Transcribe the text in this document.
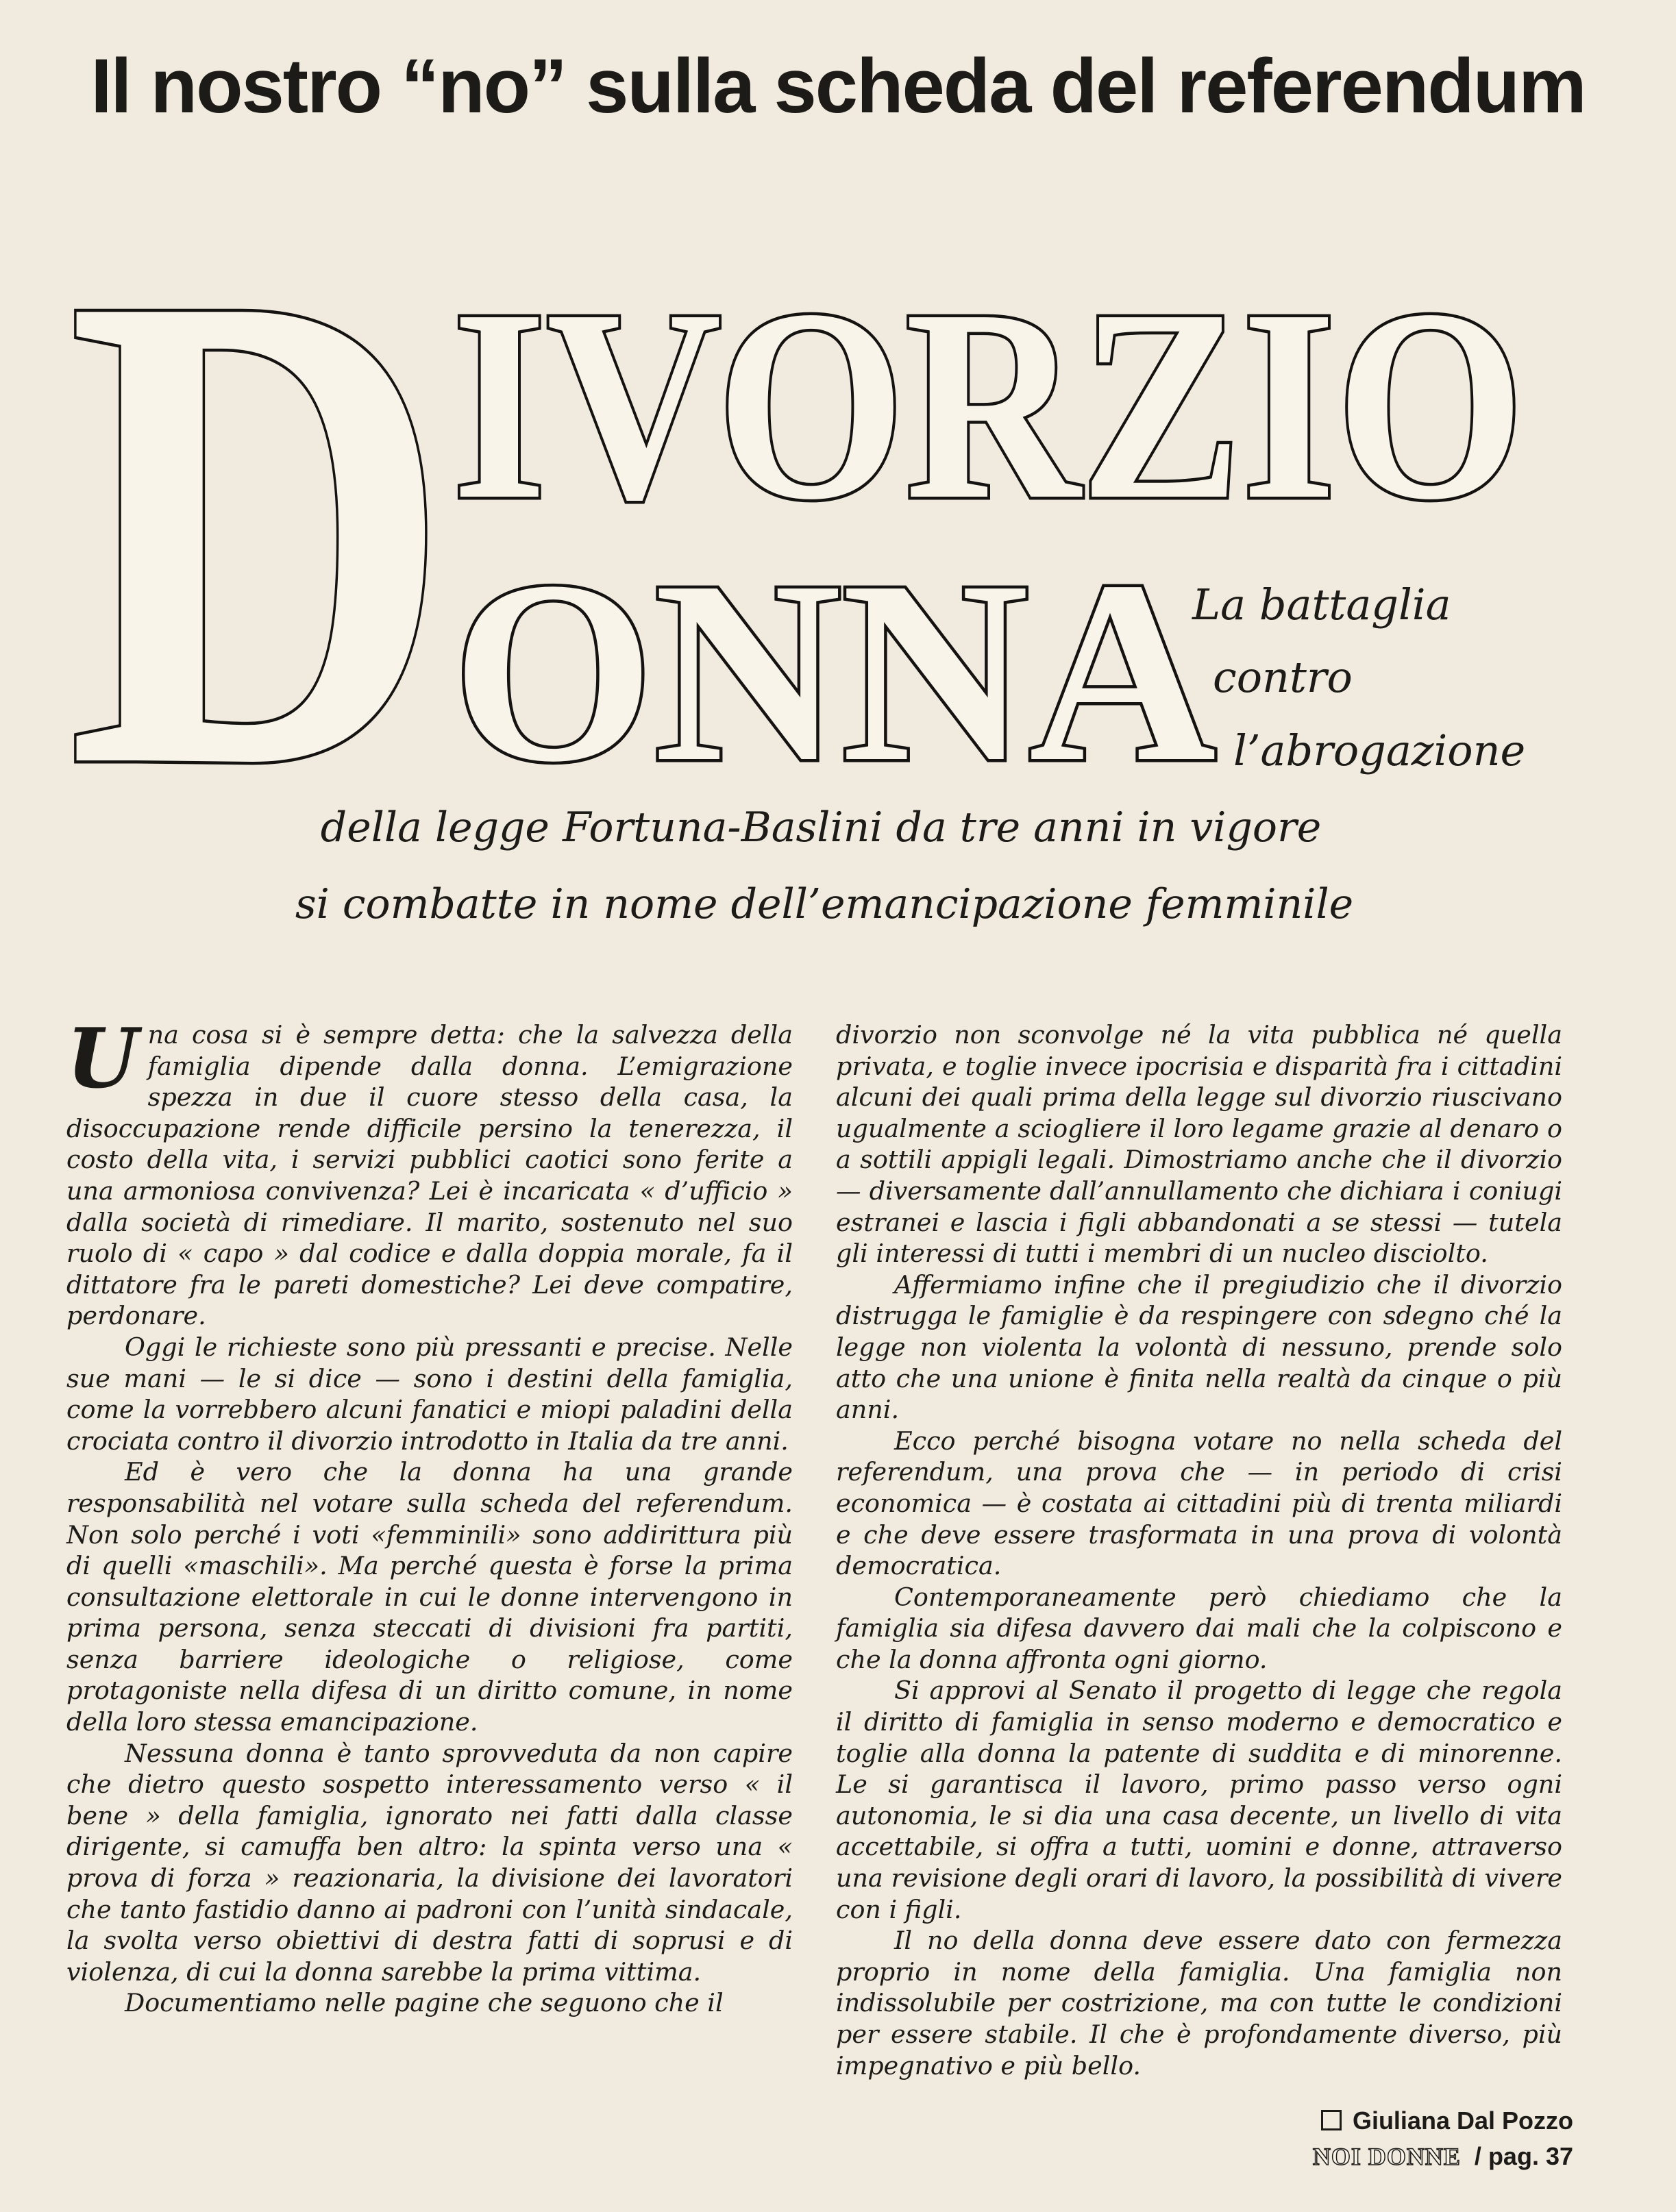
Il nostro “no” sulla scheda del referendum
D IVORZIO
ONNA
La battaglia
contro
l’abrogazione
della legge Fortuna-Baslini da tre anni in vigore
si combatte in nome dell’emancipazione femminile

Una cosa si è sempre detta: che la salvezza della famiglia dipende dalla donna. L’emigrazione spezza in due il cuore stesso della casa, la disoccupazione rende difficile persino la tenerezza, il costo della vita, i servizi pubblici caotici sono ferite a una armoniosa convivenza? Lei è incaricata « d’ufficio » dalla società di rimediare. Il marito, sostenuto nel suo ruolo di « capo » dal codice e dalla doppia morale, fa il dittatore fra le pareti domestiche? Lei deve compatire, perdonare.

Oggi le richieste sono più pressanti e precise. Nelle sue mani — le si dice — sono i destini della famiglia, come la vorrebbero alcuni fanatici e miopi paladini della crociata contro il divorzio introdotto in Italia da tre anni.

Ed è vero che la donna ha una grande responsabilità nel votare sulla scheda del referendum. Non solo perché i voti «femminili» sono addirittura più di quelli «maschili». Ma perché questa è forse la prima consultazione elettorale in cui le donne intervengono in prima persona, senza steccati di divisioni fra partiti, senza barriere ideologiche o religiose, come protagoniste nella difesa di un diritto comune, in nome della loro stessa emancipazione.

Nessuna donna è tanto sprovveduta da non capire che dietro questo sospetto interessamento verso « il bene » della famiglia, ignorato nei fatti dalla classe dirigente, si camuffa ben altro: la spinta verso una « prova di forza » reazionaria, la divisione dei lavoratori che tanto fastidio danno ai padroni con l’unità sindacale, la svolta verso obiettivi di destra fatti di soprusi e di violenza, di cui la donna sarebbe la prima vittima.

Documentiamo nelle pagine che seguono che il

divorzio non sconvolge né la vita pubblica né quella privata, e toglie invece ipocrisia e disparità fra i cittadini alcuni dei quali prima della legge sul divorzio riuscivano ugualmente a sciogliere il loro legame grazie al denaro o a sottili appigli legali. Dimostriamo anche che il divorzio — diversamente dall’annullamento che dichiara i coniugi estranei e lascia i figli abbandonati a se stessi — tutela gli interessi di tutti i membri di un nucleo disciolto.

Affermiamo infine che il pregiudizio che il divorzio distrugga le famiglie è da respingere con sdegno ché la legge non violenta la volontà di nessuno, prende solo atto che una unione è finita nella realtà da cinque o più anni.

Ecco perché bisogna votare no nella scheda del referendum, una prova che — in periodo di crisi economica — è costata ai cittadini più di trenta miliardi e che deve essere trasformata in una prova di volontà democratica.

Contemporaneamente però chiediamo che la famiglia sia difesa davvero dai mali che la colpiscono e che la donna affronta ogni giorno.

Si approvi al Senato il progetto di legge che regola il diritto di famiglia in senso moderno e democratico e toglie alla donna la patente di suddita e di minorenne. Le si garantisca il lavoro, primo passo verso ogni autonomia, le si dia una casa decente, un livello di vita accettabile, si offra a tutti, uomini e donne, attraverso una revisione degli orari di lavoro, la possibilità di vivere con i figli.

Il no della donna deve essere dato con fermezza proprio in nome della famiglia. Una famiglia non indissolubile per costrizione, ma con tutte le condizioni per essere stabile. Il che è profondamente diverso, più impegnativo e più bello.

Giuliana Dal Pozzo
NOI DONNE / pag. 37
